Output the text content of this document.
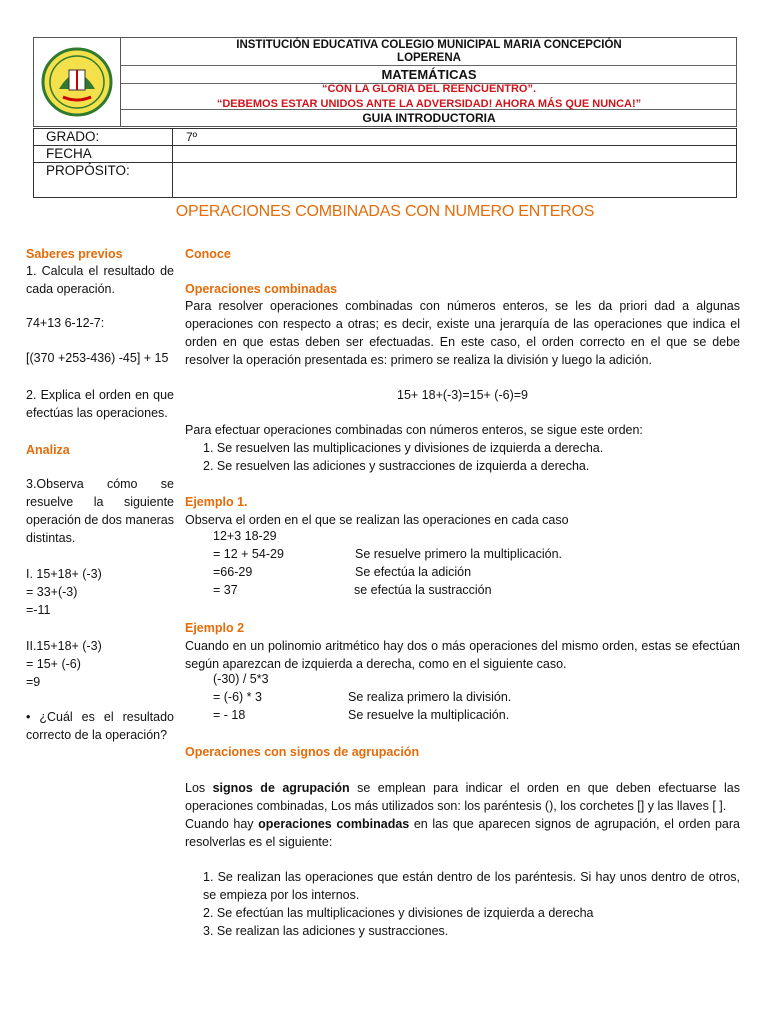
INSTITUCIÓN EDUCATIVA COLEGIO MUNICIPAL MARIA CONCEPCIÓN
LOPERENA
MATEMÁTICAS
“CON LA GLORIA DEL REENCUENTRO”.
“DEBEMOS ESTAR UNIDOS ANTE LA ADVERSIDAD! AHORA MÁS QUE NUNCA!”
GUIA INTRODUCTORIA
GRADO:	7º
FECHA
PROPÓSITO:
OPERACIONES COMBINADAS CON NUMERO ENTEROS
Saberes previos
1. Calcula el resultado de cada operación.
74+13 6-12-7:
[(370 +253-436) -45] + 15
2. Explica el orden en que efectúas las operaciones.
Analiza
3.Observa cómo se resuelve la siguiente operación de dos maneras distintas.
I. 15+18+ (-3)
= 33+(-3)
=-11
II.15+18+ (-3)
= 15+ (-6)
=9
• ¿Cuál es el resultado correcto de la operación?
Conoce
Operaciones combinadas
Para resolver operaciones combinadas con números enteros, se les da priori dad a algunas operaciones con respecto a otras; es decir, existe una jerarquía de las operaciones que indica el orden en que estas deben ser efectuadas. En este caso, el orden correcto en el que se debe resolver la operación presentada es: primero se realiza la división y luego la adición.
15+ 18+(-3)=15+ (-6)=9
Para efectuar operaciones combinadas con números enteros, se sigue este orden:
1. Se resuelven las multiplicaciones y divisiones de izquierda a derecha.
2. Se resuelven las adiciones y sustracciones de izquierda a derecha.
Ejemplo 1.
Observa el orden en el que se realizan las operaciones en cada caso
12+3 18-29
= 12 + 54-29	Se resuelve primero la multiplicación.
=66-29	Se efectúa la adición
= 37	se efectúa la sustracción
Ejemplo 2
Cuando en un polinomio aritmético hay dos o más operaciones del mismo orden, estas se efectúan según aparezcan de izquierda a derecha, como en el siguiente caso.
(-30) / 5*3
= (-6) * 3	Se realiza primero la división.
= - 18	Se resuelve la multiplicación.
Operaciones con signos de agrupación
Los signos de agrupación se emplean para indicar el orden en que deben efectuarse las operaciones combinadas, Los más utilizados son: los paréntesis (), los corchetes [] y las llaves [ ].
Cuando hay operaciones combinadas en las que aparecen signos de agrupación, el orden para resolverlas es el siguiente:
1. Se realizan las operaciones que están dentro de los paréntesis. Si hay unos dentro de otros, se empieza por los internos.
2. Se efectúan las multiplicaciones y divisiones de izquierda a derecha
3. Se realizan las adiciones y sustracciones.
